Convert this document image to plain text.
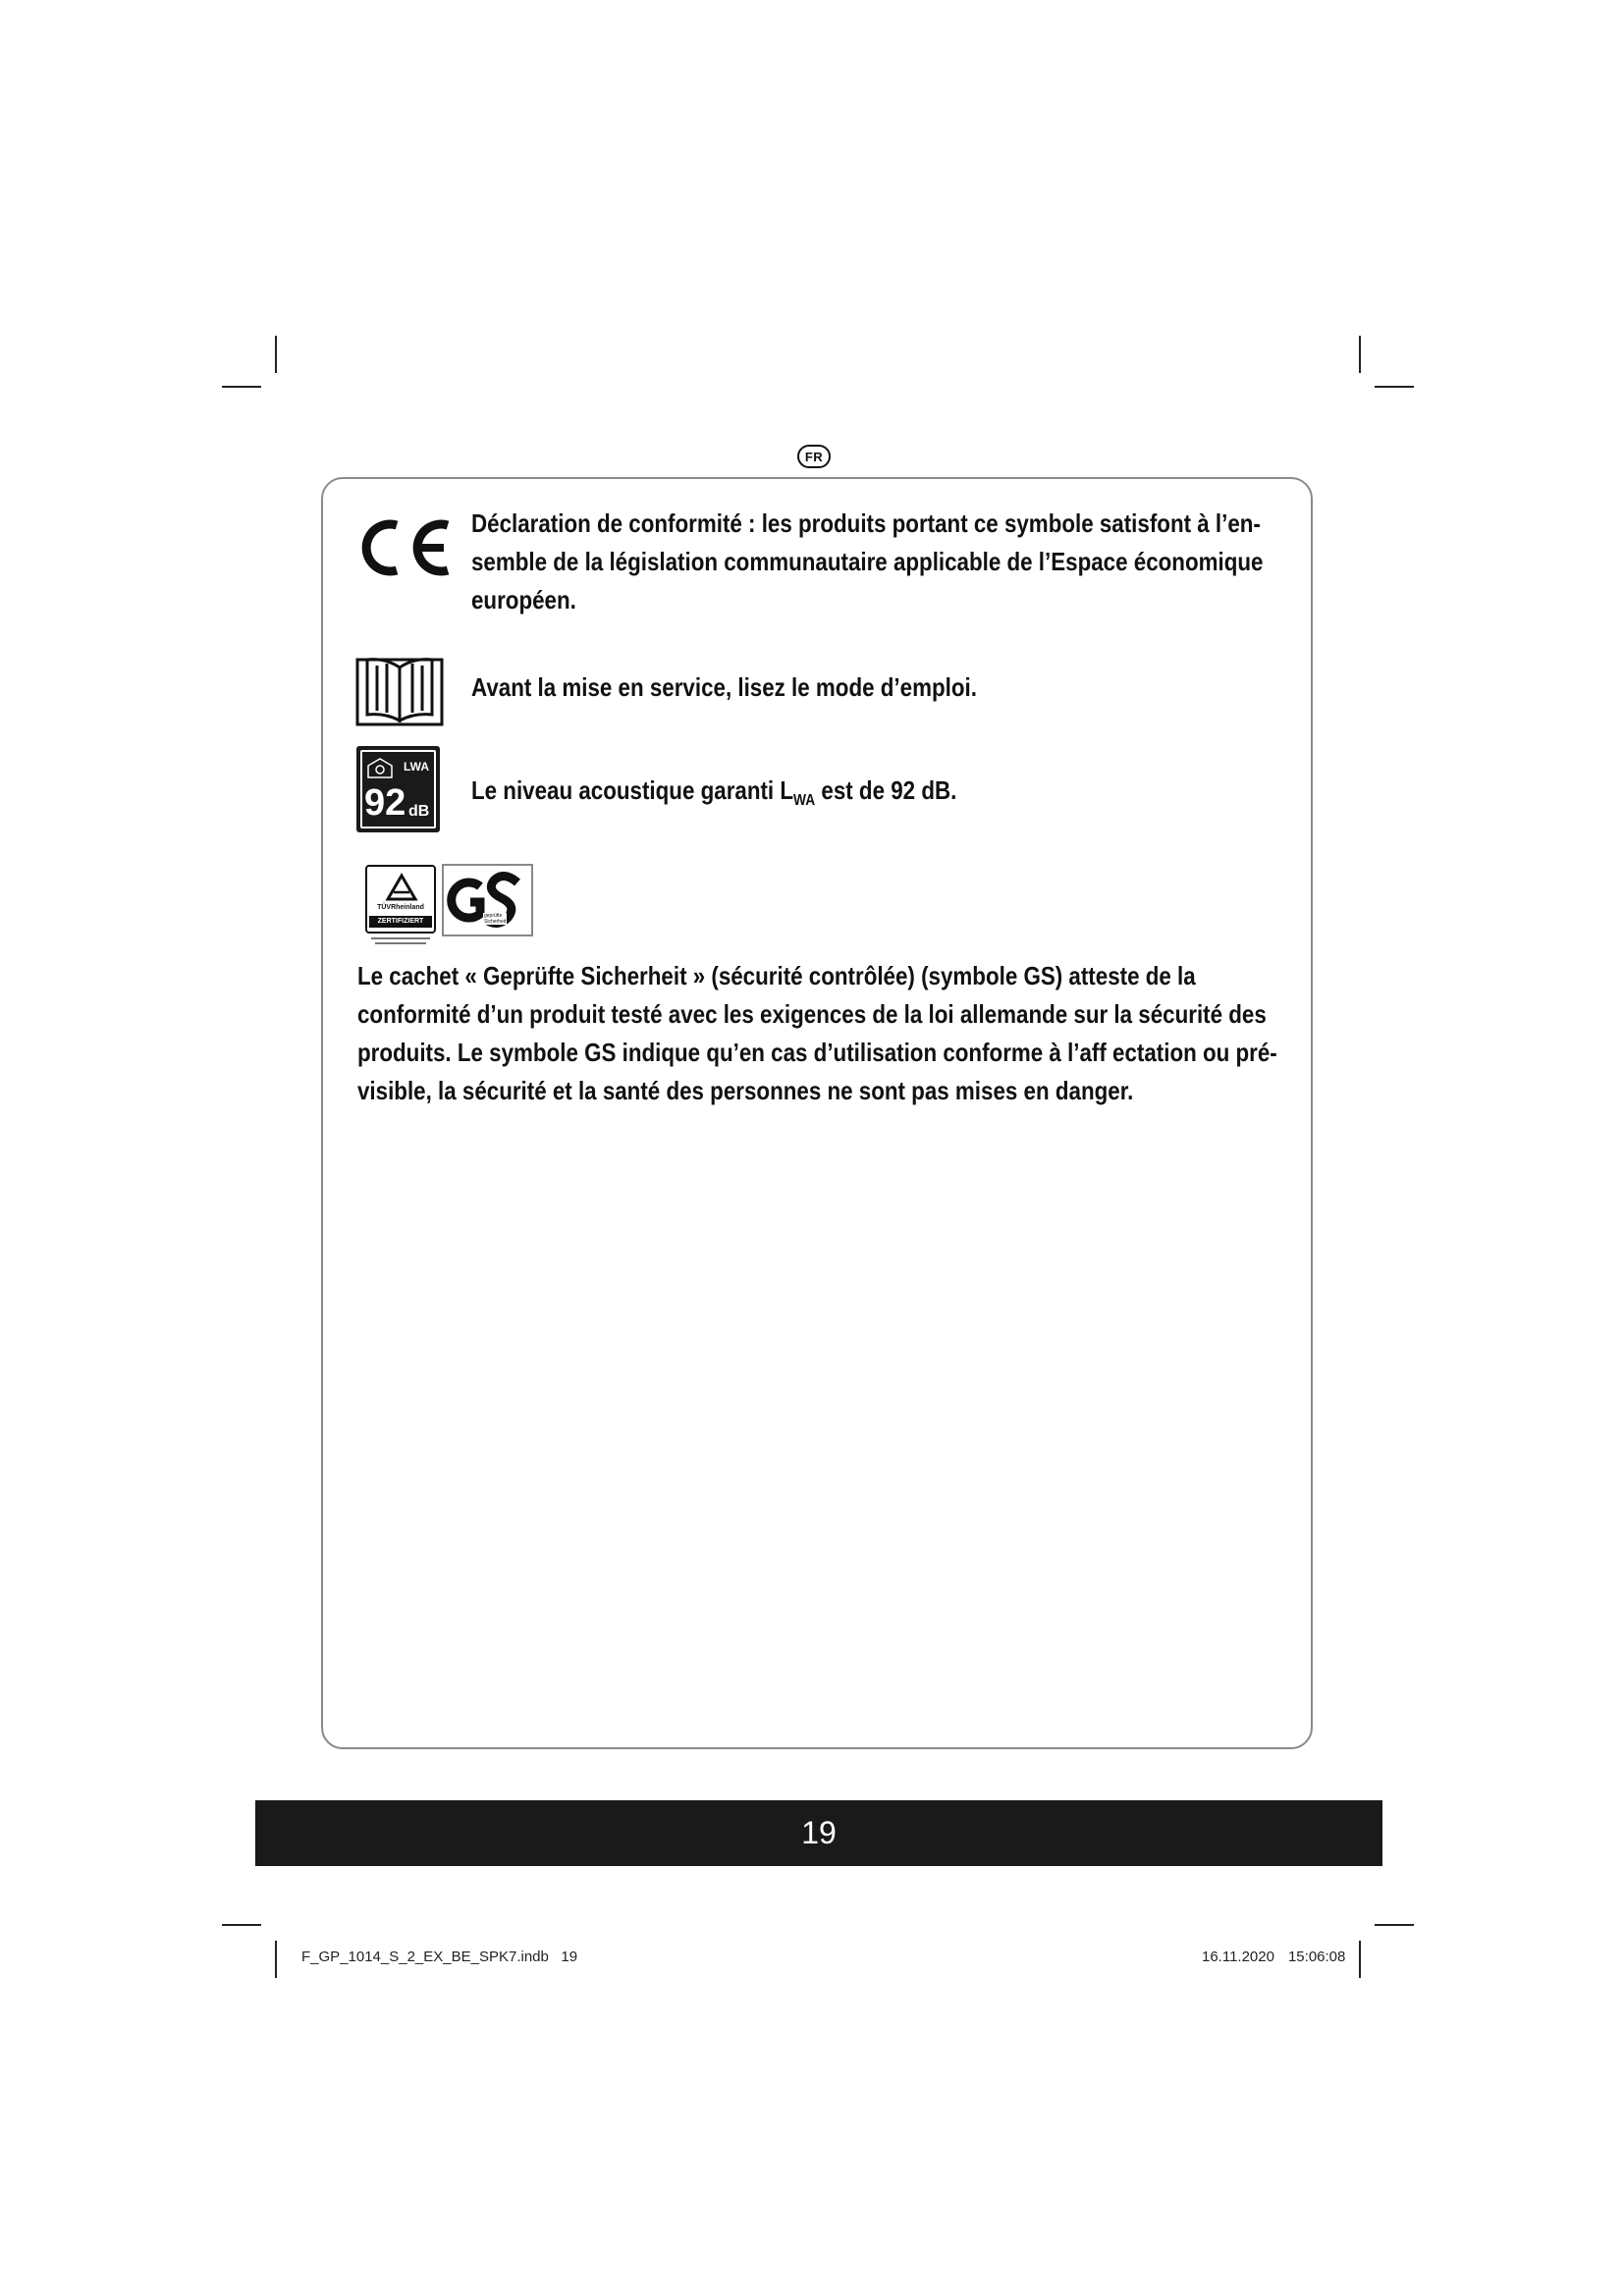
FR
Déclaration de conformité : les produits portant ce symbole satisfont à l’en-
semble de la législation communautaire applicable de l’Espace économique
européen.
Avant la mise en service, lisez le mode d’emploi.
LWA
92 dB
Le niveau acoustique garanti $L_{WA}$ est de 92 dB.
TÜVRheinland
ZERTIFIZIERT
geprüfte
Sicherheit
Le cachet « Geprüfte Sicherheit » (sécurité contrôlée) (symbole GS) atteste de la
conformité d’un produit testé avec les exigences de la loi allemande sur la sécurité des
produits. Le symbole GS indique qu’en cas d’utilisation conforme à l’aff ectation ou pré-
visible, la sécurité et la santé des personnes ne sont pas mises en danger.
19
F_GP_1014_S_2_EX_BE_SPK7.indb   19	16.11.2020 15:06:08
